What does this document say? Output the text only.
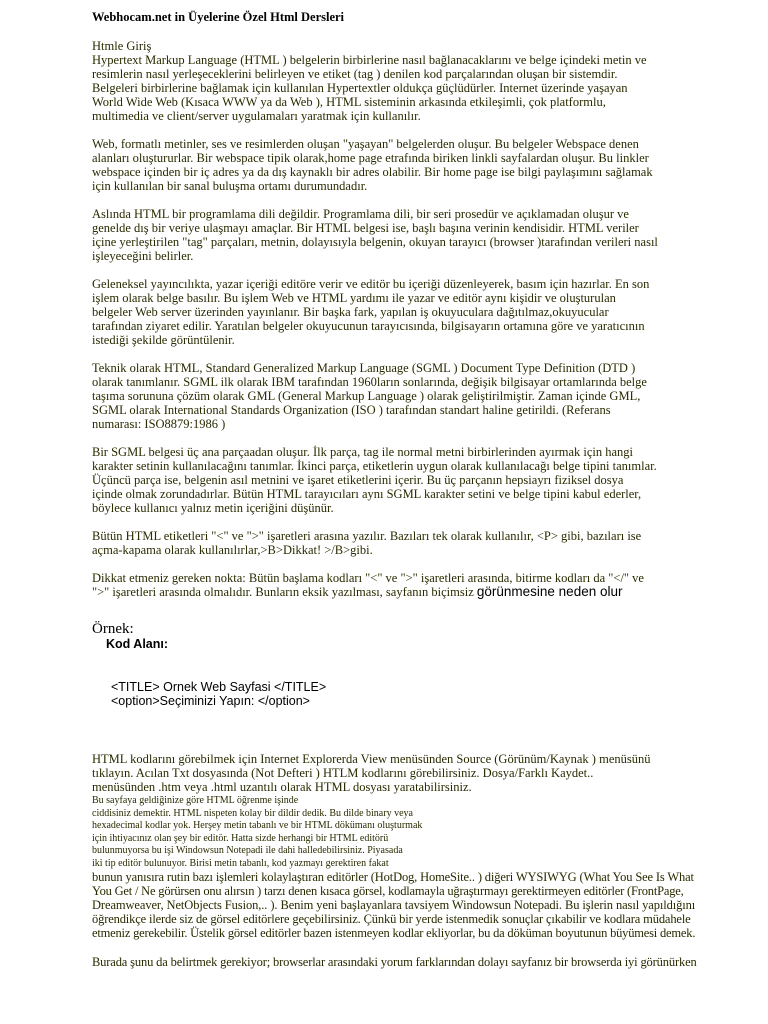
Webhocam.net in Üyelerine Özel Html Dersleri
Htmle Giriş
Hypertext Markup Language (HTML ) belgelerin birbirlerine nasıl bağlanacaklarını ve belge içindeki metin ve
resimlerin nasıl yerleşeceklerini belirleyen ve etiket (tag ) denilen kod parçalarından oluşan bir sistemdir.
Belgeleri birbirlerine bağlamak için kullanılan Hypertextler oldukça güçlüdürler. Internet üzerinde yaşayan
World Wide Web (Kısaca WWW ya da Web ), HTML sisteminin arkasında etkileşimli, çok platformlu,
multimedia ve client/server uygulamaları yaratmak için kullanılır.
Web, formatlı metinler, ses ve resimlerden oluşan "yaşayan" belgelerden oluşur. Bu belgeler Webspace denen
alanları oluştururlar. Bir webspace tipik olarak,home page etrafında biriken linkli sayfalardan oluşur. Bu linkler
webspace içinden bir iç adres ya da dış kaynaklı bir adres olabilir. Bir home page ise bilgi paylaşımını sağlamak
için kullanılan bir sanal buluşma ortamı durumundadır.
Aslında HTML bir programlama dili değildir. Programlama dili, bir seri prosedür ve açıklamadan oluşur ve
genelde dış bir veriye ulaşmayı amaçlar. Bir HTML belgesi ise, başlı başına verinin kendisidir. HTML veriler
içine yerleştirilen "tag" parçaları, metnin, dolayısıyla belgenin, okuyan tarayıcı (browser )tarafından verileri nasıl
işleyeceğini belirler.
Geleneksel yayıncılıkta, yazar içeriği editöre verir ve editör bu içeriği düzenleyerek, basım için hazırlar. En son
işlem olarak belge basılır. Bu işlem Web ve HTML yardımı ile yazar ve editör aynı kişidir ve oluşturulan
belgeler Web server üzerinden yayınlanır. Bir başka fark, yapılan iş okuyuculara dağıtılmaz,okuyucular
tarafından ziyaret edilir. Yaratılan belgeler okuyucunun tarayıcısında, bilgisayarın ortamına göre ve yaratıcının
istediği şekilde görüntülenir.
Teknik olarak HTML, Standard Generalized Markup Language (SGML ) Document Type Definition (DTD )
olarak tanımlanır. SGML ilk olarak IBM tarafından 1960ların sonlarında, değişik bilgisayar ortamlarında belge
taşıma sorununa çözüm olarak GML (General Markup Language ) olarak geliştirilmiştir. Zaman içinde GML,
SGML olarak International Standards Organization (ISO ) tarafından standart haline getirildi. (Referans
numarası: ISO8879:1986 )
Bir SGML belgesi üç ana parçaadan oluşur. İlk parça, tag ile normal metni birbirlerinden ayırmak için hangi
karakter setinin kullanılacağını tanımlar. İkinci parça, etiketlerin uygun olarak kullanılacağı belge tipini tanımlar.
Üçüncü parça ise, belgenin asıl metnini ve işaret etiketlerini içerir. Bu üç parçanın hepsiayrı fiziksel dosya
içinde olmak zorundadırlar. Bütün HTML tarayıcıları aynı SGML karakter setini ve belge tipini kabul ederler,
böylece kullanıcı yalnız metin içeriğini düşünür.
Bütün HTML etiketleri "<" ve ">" işaretleri arasına yazılır. Bazıları tek olarak kullanılır, <P> gibi, bazıları ise
açma-kapama olarak kullanılırlar,>B>Dikkat! >/B>gibi.
Dikkat etmeniz gereken nokta: Bütün başlama kodları "<" ve ">" işaretleri arasında, bitirme kodları da "</" ve
">" işaretleri arasında olmalıdır. Bunların eksik yazılması, sayfanın biçimsiz görünmesine neden olur
Örnek:
Kod Alanı:
<TITLE> Ornek Web Sayfasi </TITLE>
<option>Seçiminizi Yapın: </option>
HTML kodlarını görebilmek için Internet Explorerda View menüsünden Source (Görünüm/Kaynak ) menüsünü
tıklayın. Acılan Txt dosyasında (Not Defteri ) HTLM kodlarını görebilirsiniz. Dosya/Farklı Kaydet..
menüsünden .htm veya .html uzantılı olarak HTML dosyası yaratabilirsiniz.
Bu sayfaya geldiğinize göre HTML öğrenme işinde
ciddisiniz demektir. HTML nispeten kolay bir dildir dedik. Bu dilde binary veya
hexadecimal kodlar yok. Herşey metin tabanlı ve bir HTML dökümanı oluşturmak
için ihtiyacınız olan şey bir editör. Hatta sizde herhangi bir HTML editörü
bulunmuyorsa bu işi Windowsun Notepadi ile dahi halledebilirsiniz. Piyasada
iki tip editör bulunuyor. Birisi metin tabanlı, kod yazmayı gerektiren fakat
bunun yanısıra rutin bazı işlemleri kolaylaştıran editörler (HotDog, HomeSite.. ) diğeri WYSIWYG (What You See Is What
You Get / Ne görürsen onu alırsın ) tarzı denen kısaca görsel, kodlamayla uğraştırmayı gerektirmeyen editörler (FrontPage,
Dreamweaver, NetObjects Fusion,.. ). Benim yeni başlayanlara tavsiyem Windowsun Notepadi. Bu işlerin nasıl yapıldığını
öğrendikçe ilerde siz de görsel editörlere geçebilirsiniz. Çünkü bir yerde istenmedik sonuçlar çıkabilir ve kodlara müdahele
etmeniz gerekebilir. Üstelik görsel editörler bazen istenmeyen kodlar ekliyorlar, bu da döküman boyutunun büyümesi demek.
Burada şunu da belirtmek gerekiyor; browserlar arasındaki yorum farklarından dolayı sayfanız bir browserda iyi görünürken
